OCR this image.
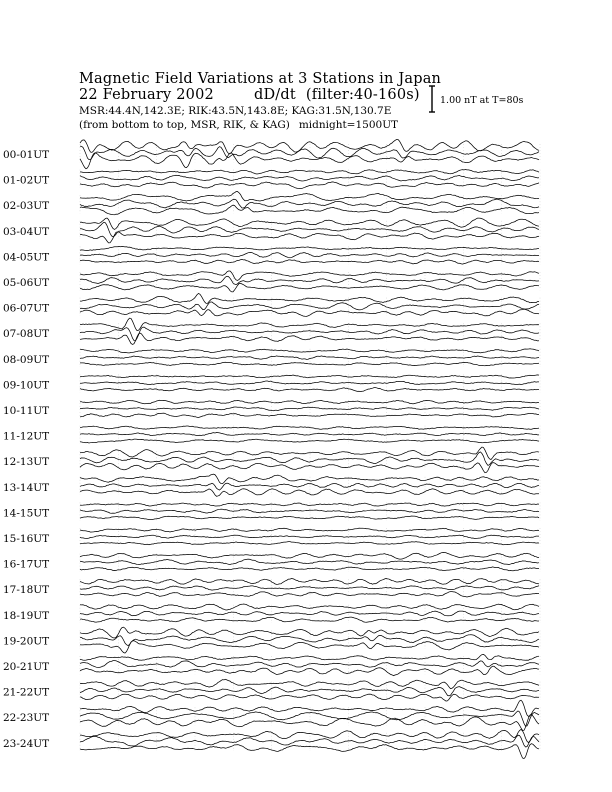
Magnetic Field Variations at 3 Stations in Japan
22 February 2002	dD/dt (filter:40-160s)
MSR:44.4N,142.3E; RIK:43.5N,143.8E; KAG:31.5N,130.7E
(from bottom to top, MSR, RIK, & KAG) midnight=1500UT
1.00 nT at T=80s
00-01UT
01-02UT
02-03UT
03-04UT
04-05UT
05-06UT
06-07UT
07-08UT
08-09UT
09-10UT
10-11UT
11-12UT
12-13UT
13-14UT
14-15UT
15-16UT
16-17UT
17-18UT
18-19UT
19-20UT
20-21UT
21-22UT
22-23UT
23-24UT
